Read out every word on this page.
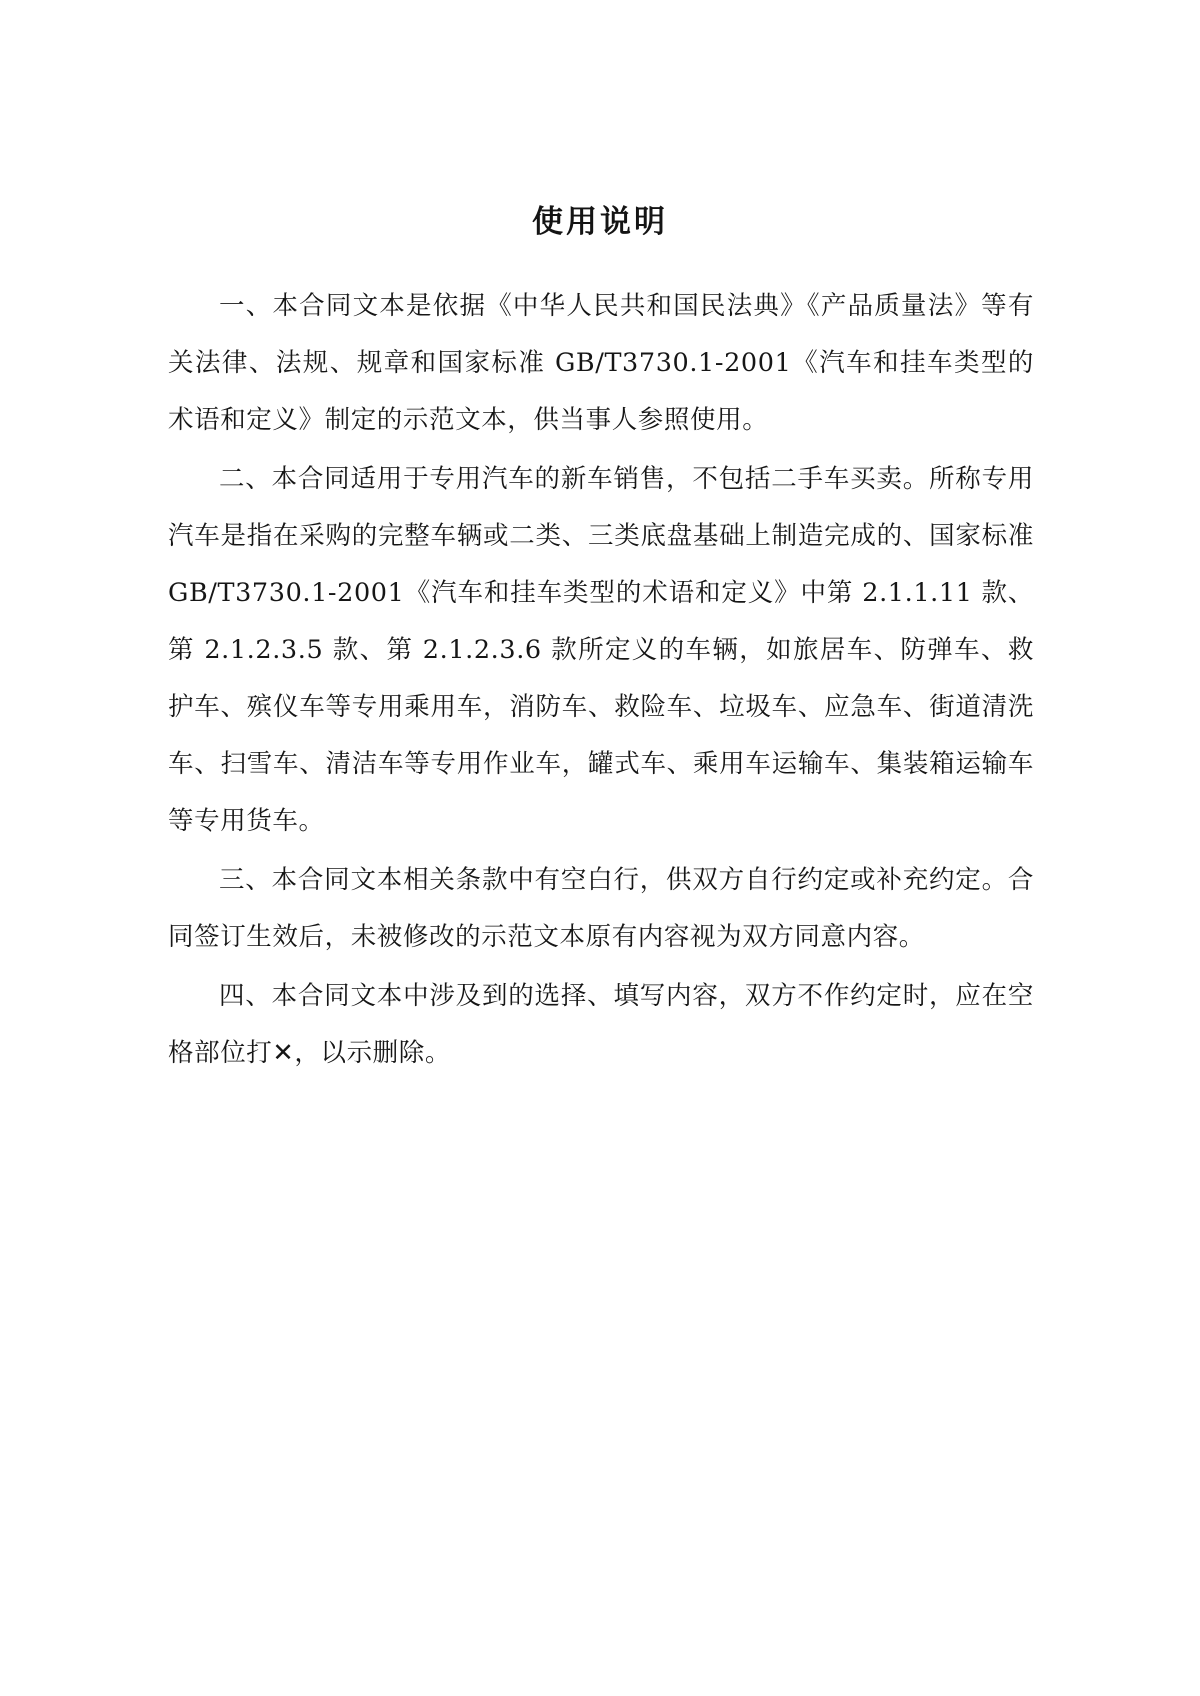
使用说明

一、本合同文本是依据《中华人民共和国民法典》《产品质量法》等有关法律、法规、规章和国家标准 GB/T3730.1-2001《汽车和挂车类型的术语和定义》制定的示范文本，供当事人参照使用。

二、本合同适用于专用汽车的新车销售，不包括二手车买卖。所称专用汽车是指在采购的完整车辆或二类、三类底盘基础上制造完成的、国家标准 GB/T3730.1-2001《汽车和挂车类型的术语和定义》中第 2.1.1.11 款、第 2.1.2.3.5 款、第 2.1.2.3.6 款所定义的车辆，如旅居车、防弹车、救护车、殡仪车等专用乘用车，消防车、救险车、垃圾车、应急车、街道清洗车、扫雪车、清洁车等专用作业车，罐式车、乘用车运输车、集装箱运输车等专用货车。

三、本合同文本相关条款中有空白行，供双方自行约定或补充约定。合同签订生效后，未被修改的示范文本原有内容视为双方同意内容。

四、本合同文本中涉及到的选择、填写内容，双方不作约定时，应在空格部位打✕，以示删除。
